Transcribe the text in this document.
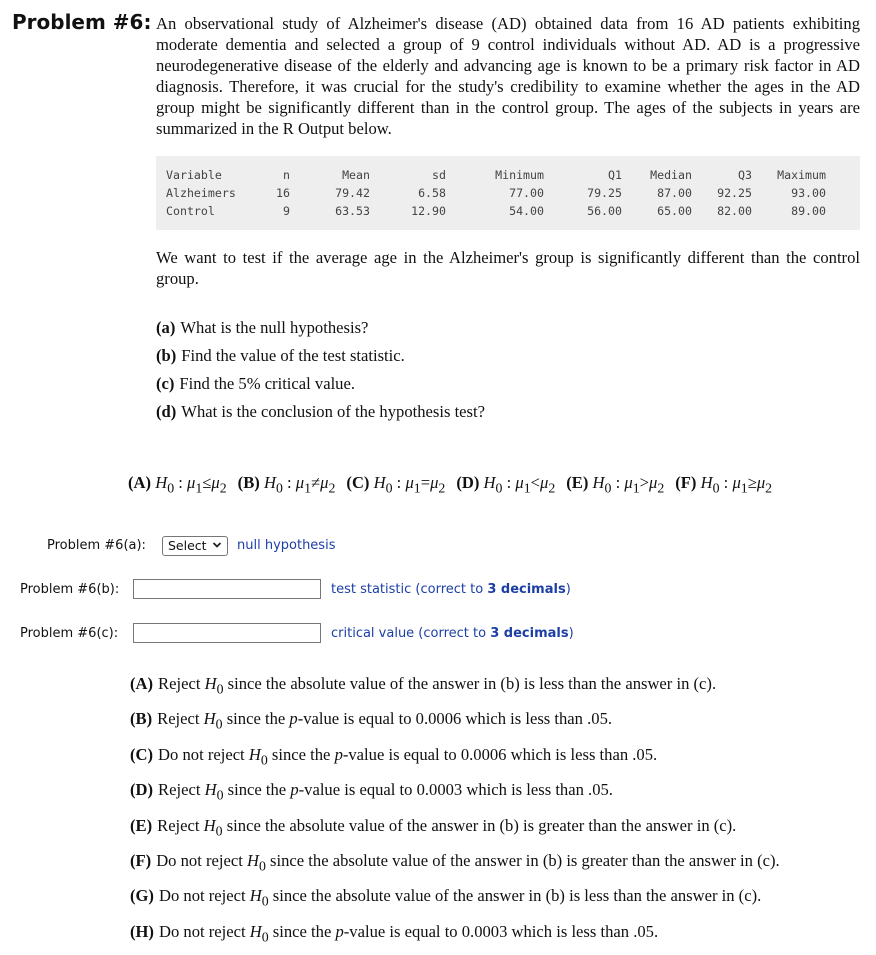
Problem #6: An observational study of Alzheimer's disease (AD) obtained data from 16 AD patients exhibiting moderate dementia and selected a group of 9 control individuals without AD. AD is a progressive neurodegenerative disease of the elderly and advancing age is known to be a primary risk factor in AD diagnosis. Therefore, it was crucial for the study's credibility to examine whether the ages in the AD group might be significantly different than in the control group. The ages of the subjects in years are summarized in the R Output below.

Variable	n	Mean	sd	Minimum	Q1	Median	Q3	Maximum
Alzheimers	16	79.42	6.58	77.00	79.25	87.00	92.25	93.00
Control	9	63.53	12.90	54.00	56.00	65.00	82.00	89.00

We want to test if the average age in the Alzheimer's group is significantly different than the control group.

(a) What is the null hypothesis?
(b) Find the value of the test statistic.
(c) Find the 5% critical value.
(d) What is the conclusion of the hypothesis test?
(A) $H_0$ : $\mu_1\le\mu_2$ (B) $H_0$ : $\mu_1\ne\mu_2$ (C) $H_0$ : $\mu_1=\mu_2$ (D) $H_0$ : $\mu_1<\mu_2$ (E) $H_0$ : $\mu_1>\mu_2$ (F) $H_0$ : $\mu_1\ge\mu_2$
Problem #6(a):	Select	null hypothesis
Problem #6(b):	test statistic (correct to 3 decimals)
Problem #6(c):	critical value (correct to 3 decimals)
(A) Reject $H_0$ since the absolute value of the answer in (b) is less than the answer in (c).
(B) Reject $H_0$ since the p-value is equal to 0.0006 which is less than .05.
(C) Do not reject $H_0$ since the p-value is equal to 0.0006 which is less than .05.
(D) Reject $H_0$ since the p-value is equal to 0.0003 which is less than .05.
(E) Reject $H_0$ since the absolute value of the answer in (b) is greater than the answer in (c).
(F) Do not reject $H_0$ since the absolute value of the answer in (b) is greater than the answer in (c).
(G) Do not reject $H_0$ since the absolute value of the answer in (b) is less than the answer in (c).
(H) Do not reject $H_0$ since the p-value is equal to 0.0003 which is less than .05.
